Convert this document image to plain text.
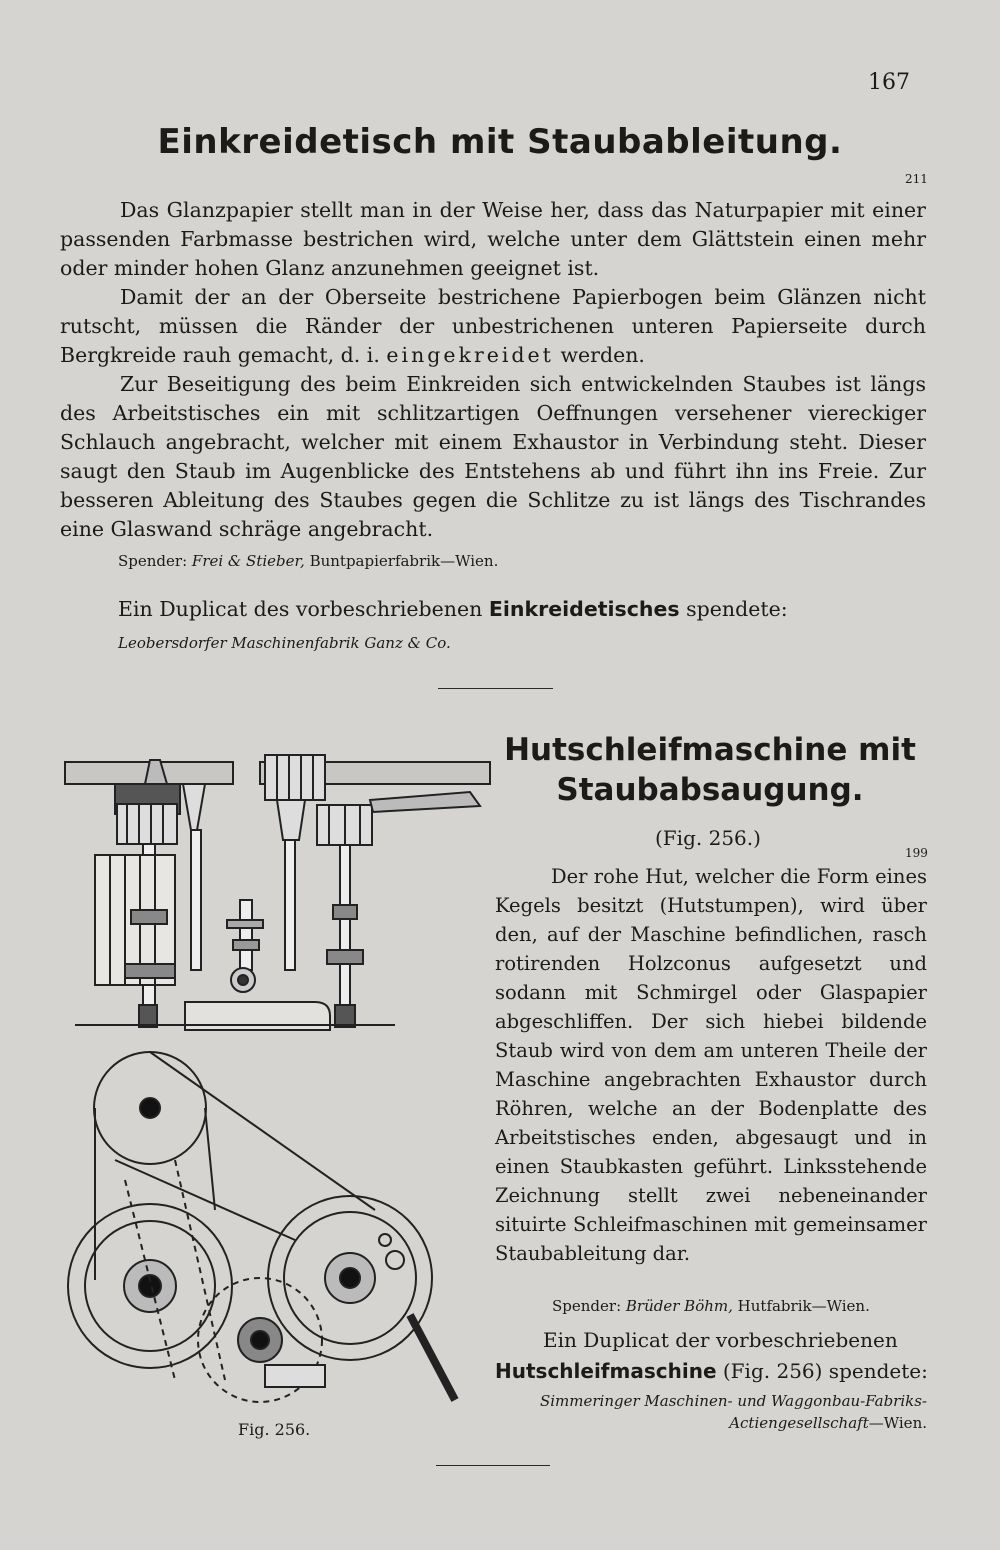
167
Einkreidetisch mit Staubableitung.
211

Das Glanzpapier stellt man in der Weise her, dass das Naturpapier mit einer passenden Farbmasse bestrichen wird, welche unter dem Glättstein einen mehr oder minder hohen Glanz anzunehmen geeignet ist.

Damit der an der Oberseite bestrichene Papierbogen beim Glänzen nicht rutscht, müssen die Ränder der unbestrichenen unteren Papierseite durch Bergkreide rauh gemacht, d. i. eingekreidet werden.

Zur Beseitigung des beim Einkreiden sich entwickelnden Staubes ist längs des Arbeitstisches ein mit schlitzartigen Oeffnungen versehener viereckiger Schlauch angebracht, welcher mit einem Exhaustor in Verbindung steht. Dieser saugt den Staub im Augenblicke des Entstehens ab und führt ihn ins Freie. Zur besseren Ableitung des Staubes gegen die Schlitze zu ist längs des Tischrandes eine Glaswand schräge angebracht.

Spender: Frei & Stieber, Buntpapierfabrik—Wien.
Ein Duplicat des vorbeschriebenen Einkreidetisches spendete:
Leobersdorfer Maschinenfabrik Ganz & Co.
Hutschleifmaschine mit
Staubabsaugung.
(Fig. 256.)
199

Der rohe Hut, welcher die Form eines Kegels besitzt (Hutstumpen), wird über den, auf der Maschine befindlichen, rasch rotirenden Holzconus aufgesetzt und sodann mit Schmirgel oder Glaspapier abgeschliffen. Der sich hiebei bildende Staub wird von dem am unteren Theile der Maschine angebrachten Exhaustor durch Röhren, welche an der Bodenplatte des Arbeitstisches enden, abgesaugt und in einen Staubkasten geführt. Linksstehende Zeichnung stellt zwei nebeneinander situirte Schleifmaschinen mit gemeinsamer Staubableitung dar.

Spender: Brüder Böhm, Hutfabrik—Wien.
Ein Duplicat der vorbeschriebenen
Hutschleifmaschine (Fig. 256) spendete:
Simmeringer Maschinen- und Waggonbau-Fabriks-Actiengesellschaft—Wien.
Fig. 256.
